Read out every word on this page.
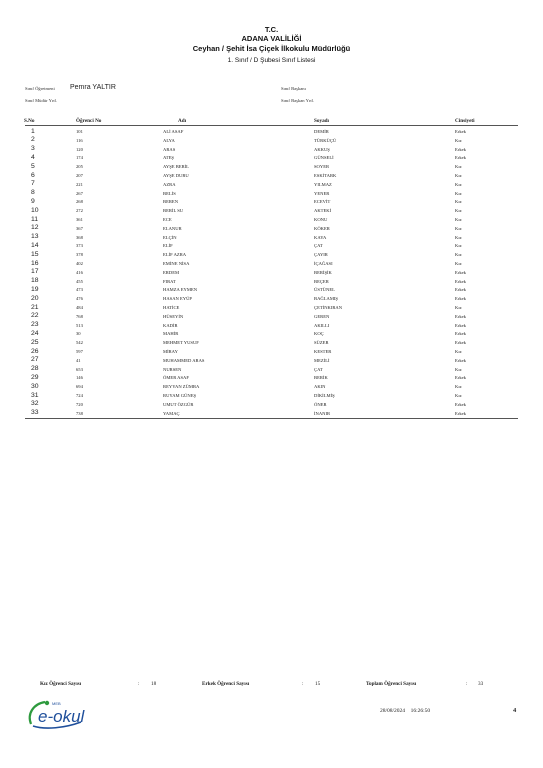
T.C.
ADANA VALİLİĞİ
Ceyhan / Şehit İsa Çiçek İlkokulu Müdürlüğü
1. Sınıf / D Şubesi Sınıf Listesi
Sınıf Öğretmeni Pemra YALTIR
Sınıf Müdür Yrd.
Sınıf Başkanı
Sınıf Başkan Yrd.
S.No	Öğrenci No	Adı	Soyadı	Cinsiyeti
1	101	ALİ ASAF	DEMİR	Erkek
2	116	ALYA	TÜRKÜÇÜ	Kız
3	120	ARAS	AKKUŞ	Erkek
4	174	ATEŞ	GÜNSELİ	Erkek
5	205	AYŞE BERİL	SOYER	Kız
6	207	AYŞE DURU	ESKİTARK	Kız
7	221	AZRA	YILMAZ	Kız
8	267	BELİS	YENER	Kız
9	268	BEREN	ECEVİT	Kız
10	272	BERİL SU	AKTEKİ	Kız
11	361	ECE	KONU	Kız
12	367	ELANUR	KÖKER	Kız
13	368	ELÇİN	KAYA	Kız
14	373	ELİF	ÇAT	Kız
15	378	ELİF AZRA	ÇAYIR	Kız
16	402	EMİNE NİSA	İÇAĞASI	Kız
17	416	ERDEM	BERİŞİK	Erkek
18	455	FIRAT	BEÇER	Erkek
19	473	HAMZA EYMEN	ÜSTÜNEL	Erkek
20	476	HASAN EYÜP	BAĞLAMIŞ	Erkek
21	484	HATİCE	ÇETİNKIRAN	Kız
22	768	HÜSEYİN	GEREN	Erkek
23	513	KADİR	AKILLI	Erkek
24	30	MAHİR	KOÇ	Erkek
25	542	MEHMET YUSUF	SÜZER	Erkek
26	597	MİRAY	KESTER	Kız
27	41	MUHAMMED ARAS	MEZİLİ	Erkek
28	653	NURSEN	ÇAT	Kız
29	146	ÖMER ASAF	BERİK	Erkek
30	694	REYYAN ZÜMRA	AKIN	Kız
31	724	RUYAM GÜNEŞ	DİKİLMİŞ	Kız
32	720	UMUT ÖZGÜR	ÖNER	Erkek
33	738	YAMAÇ	İNANIR	Erkek
Kız Öğrenci Sayısı	: 18	Erkek Öğrenci Sayısı	: 15	Toplam Öğrenci Sayısı	: 33
MEB
e-okul	28/08/2024 16:26:50	4
